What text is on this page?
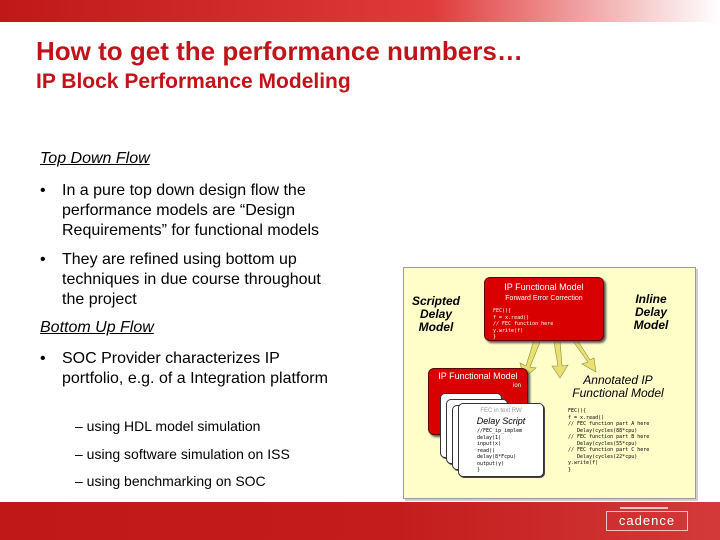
How to get the performance numbers…
IP Block Performance Modeling
Top Down Flow
• In a pure top down design flow the performance models are “Design Requirements” for functional models
• They are refined using bottom up techniques in due course throughout the project
Bottom Up Flow
• SOC Provider characterizes IP portfolio, e.g. of a Integration platform
– using HDL model simulation
– using software simulation on ISS
– using benchmarking on SOC
Scripted Delay Model
Inline Delay Model
Annotated IP Functional Model
IP Functional Model
Forward Error Correction
FEC(){
f = x.read()
// FEC function here
y.write(f)
}
IP Functional Model
ion
FEC in text RW
Delay Script
//FEC_ip_implem
delay(1)
input(x)
read()
delay(8*Fcpu)
output(y)
}
FEC(){
f = x.read()
// FEC function part A here
Delay(cycles(88*cpu)
// FEC function part B here
Delay(cycles(55*cpu)
// FEC function part C here
Delay(cycles(22*cpu)
y.write(f)
}
cadence
